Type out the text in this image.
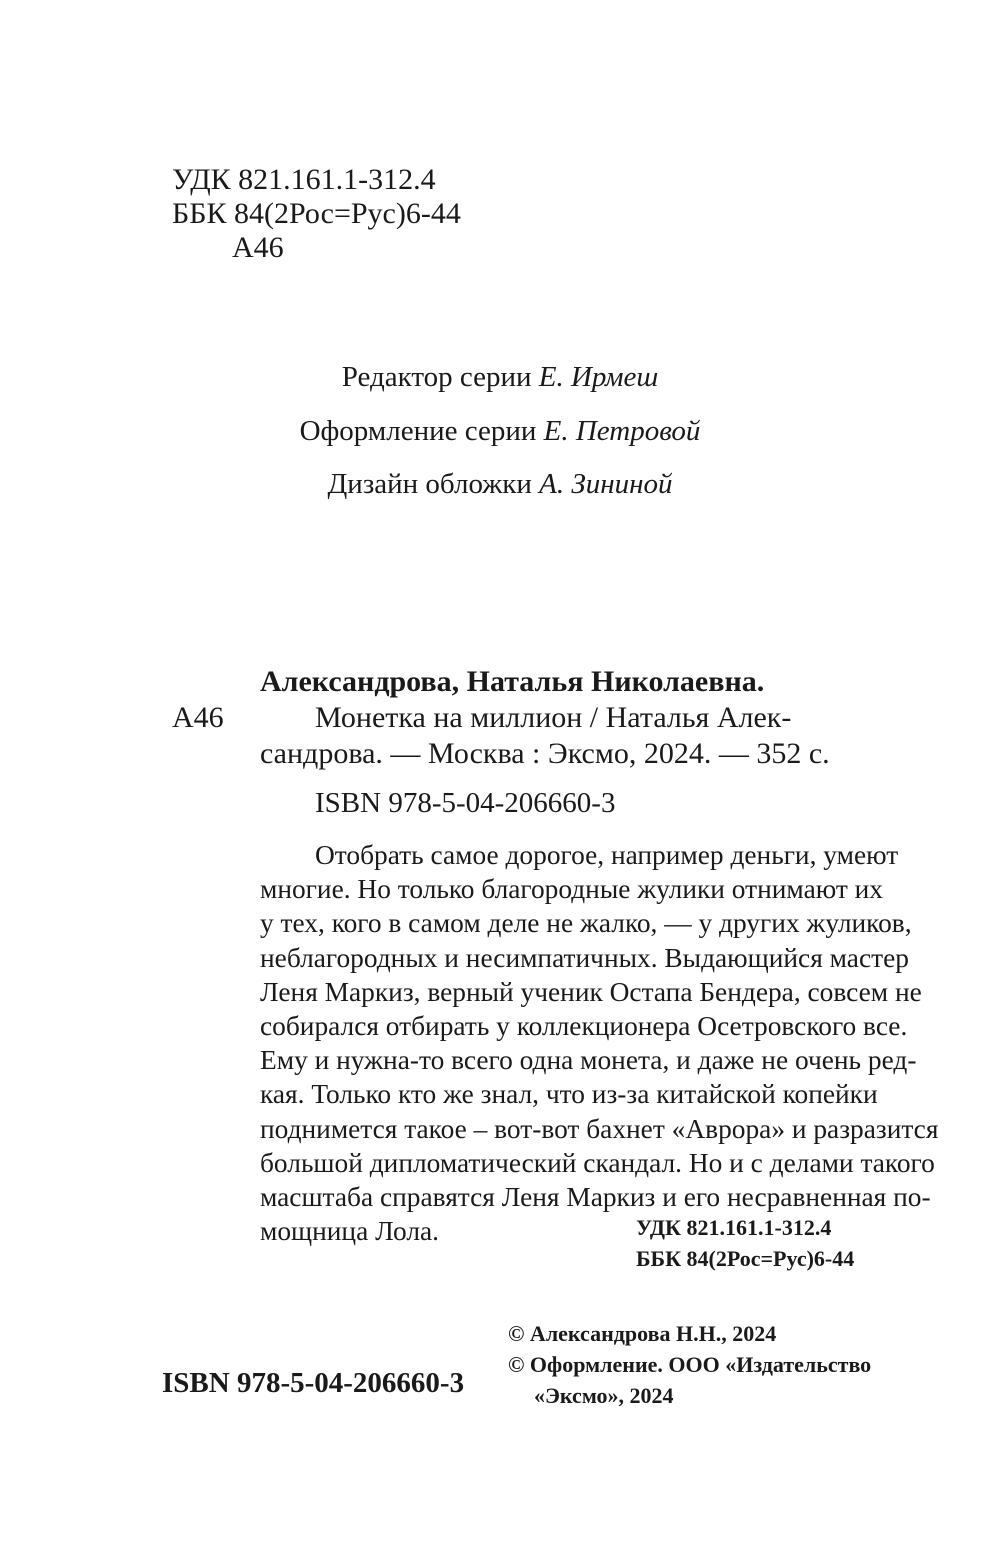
УДК 821.161.1-312.4
ББК 84(2Рос=Рус)6-44
А46
Редактор серии Е. Ирмеш
Оформление серии Е. Петровой
Дизайн обложки А. Зининой
А46
Александрова, Наталья Николаевна.
Монетка на миллион / Наталья Алек-
сандрова. — Москва : Эксмо, 2024. — 352 с.
ISBN 978-5-04-206660-3
Отобрать самое дорогое, например деньги, умеют
многие. Но только благородные жулики отнимают их
у тех, кого в самом деле не жалко, — у других жуликов,
неблагородных и несимпатичных. Выдающийся мастер
Леня Маркиз, верный ученик Остапа Бендера, совсем не
собирался отбирать у коллекционера Осетровского все.
Ему и нужна-то всего одна монета, и даже не очень ред-
кая. Только кто же знал, что из-за китайской копейки
поднимется такое – вот-вот бахнет «Аврора» и разразится
большой дипломатический скандал. Но и с делами такого
масштаба справятся Леня Маркиз и его несравненная по-
мощница Лола.	УДК 821.161.1-312.4
ББК 84(2Рос=Рус)6-44
© Александрова Н.Н., 2024
© Оформление. ООО «Издательство
«Эксмо», 2024
ISBN 978-5-04-206660-3
